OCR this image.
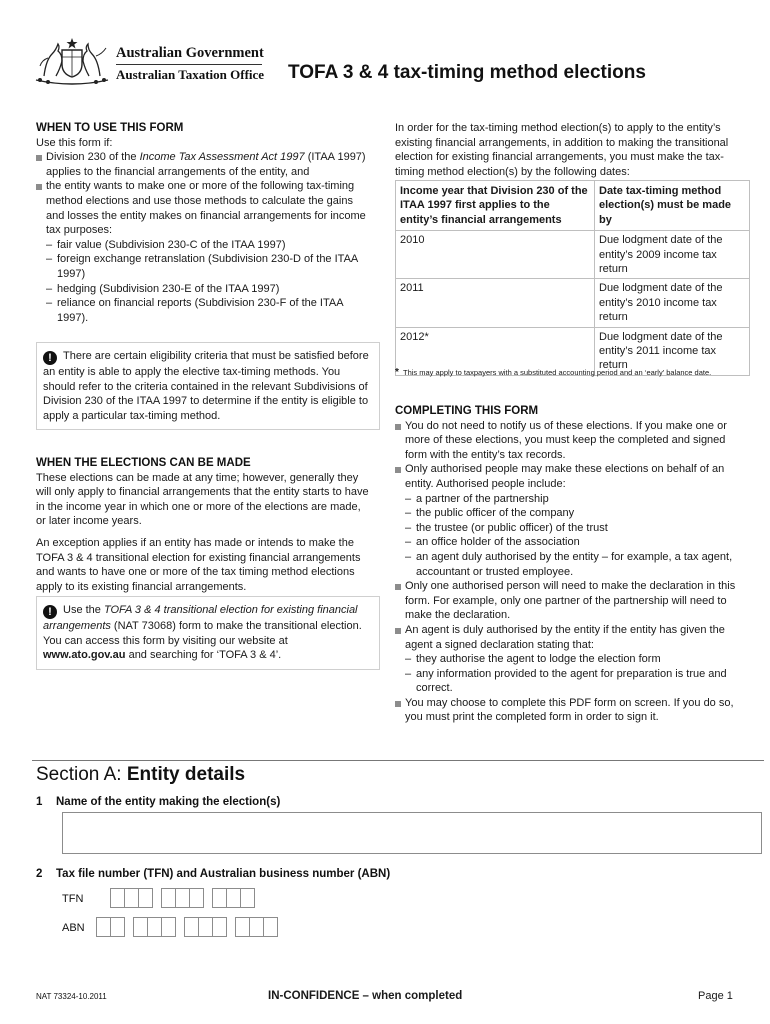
Australian Government
Australian Taxation Office TOFA 3 & 4 tax-timing method elections

WHEN TO USE THIS FORM

Use this form if:

Division 230 of the Income Tax Assessment Act 1997 (ITAA 1997) applies to the financial arrangements of the entity, and
the entity wants to make one or more of the following tax-timing method elections and use those methods to calculate the gains and losses the entity makes on financial arrangements for income tax purposes:
– fair value (Subdivision 230-C of the ITAA 1997)
– foreign exchange retranslation (Subdivision 230-D of the ITAA 1997)
– hedging (Subdivision 230-E of the ITAA 1997)
– reliance on financial reports (Subdivision 230-F of the ITAA 1997).
! There are certain eligibility criteria that must be satisfied before an entity is able to apply the elective tax-timing methods. You should refer to the criteria contained in the relevant Subdivisions of Division 230 of the ITAA 1997 to determine if the entity is eligible to apply a particular tax-timing method.

WHEN THE ELECTIONS CAN BE MADE

These elections can be made at any time; however, generally they will only apply to financial arrangements that the entity starts to have in the income year in which one or more of the elections are made, or later income years.

An exception applies if an entity has made or intends to make the TOFA 3 & 4 transitional election for existing financial arrangements and wants to have one or more of the tax timing method elections apply to its existing financial arrangements.

! Use the TOFA 3 & 4 transitional election for existing financial arrangements (NAT 73068) form to make the transitional election. You can access this form by visiting our website at www.ato.gov.au and searching for ‘TOFA 3 & 4’.
In order for the tax-timing method election(s) to apply to the entity’s existing financial arrangements, in addition to making the transitional election for existing financial arrangements, you must make the tax-timing method election(s) by the following dates:
Income year that Division 230 of the ITAA 1997 first applies to the entity’s financial arrangements	Date tax-timing method election(s) must be made by
2010	Due lodgment date of the entity’s 2009 income tax return
2011	Due lodgment date of the entity’s 2010 income tax return
2012*	Due lodgment date of the entity’s 2011 income tax return
* This may apply to taxpayers with a substituted accounting period and an ‘early’ balance date.

COMPLETING THIS FORM

You do not need to notify us of these elections. If you make one or more of these elections, you must keep the completed and signed form with the entity’s tax records.
Only authorised people may make these elections on behalf of an entity. Authorised people include:
– a partner of the partnership
– the public officer of the company
– the trustee (or public officer) of the trust
– an office holder of the association
– an agent duly authorised by the entity – for example, a tax agent, accountant or trusted employee.
Only one authorised person will need to make the declaration in this form. For example, only one partner of the partnership will need to make the declaration.
An agent is duly authorised by the entity if the entity has given the agent a signed declaration stating that:
– they authorise the agent to lodge the election form
– any information provided to the agent for preparation is true and correct.
You may choose to complete this PDF form on screen. If you do so, you must print the completed form in order to sign it.
Section A: Entity details
1 Name of the entity making the election(s)
2 Tax file number (TFN) and Australian business number (ABN)
TFN
ABN
NAT 73324-10.2011	IN-CONFIDENCE – when completed	Page 1
